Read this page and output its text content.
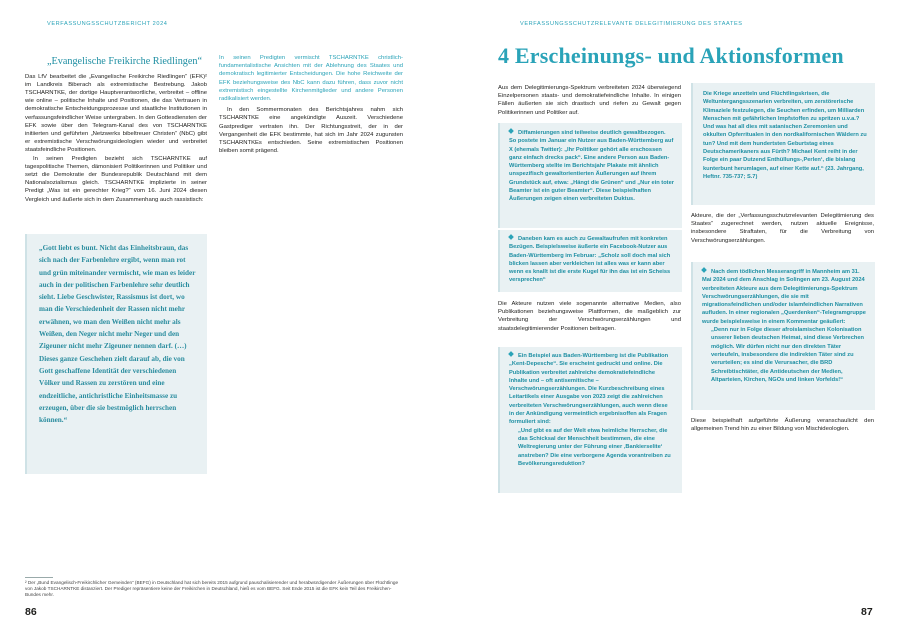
VERFASSUNGSSCHUTZBERICHT 2024
„Evangelische Freikirche Riedlingen“

Das LfV bearbeitet die „Evangelische Freikirche Riedlingen“ (EFK)² im Landkreis Biberach als extremistische Bestrebung. Jakob TSCHARNTKE, der dortige Hauptverantwortliche, verbreitet – offline wie online – politische Inhalte und Positionen, die das Vertrauen in demokratische Entscheidungsprozesse und staatliche Institutionen in verfassungsfeindlicher Weise untergraben. In den Gottesdiensten der EFK sowie über den Telegram-Kanal des von TSCHARNTKE initiierten und geführten „Netzwerks bibeltreuer Christen“ (NbC) gibt er extremistische Verschwörungsideologien wieder und verbreitet staatsfeindliche Positionen.

In seinen Predigten bezieht sich TSCHARNTKE auf tagespolitische Themen, dämonisiert Politikerinnen und Politiker und setzt die Demokratie der Bundesrepublik Deutschland mit dem Nationalsozialismus gleich. TSCHARNTKE implizierte in seiner Predigt „Was ist ein gerechter Krieg?“ vom 16. Juni 2024 diesen Vergleich und äußerte sich in dem Zusammenhang auch rassistisch:

In seinen Predigten vermischt TSCHARNTKE christlich-fundamentalistische Ansichten mit der Ablehnung des Staates und demokratisch legitimierter Entscheidungen. Die hohe Reichweite der EFK beziehungsweise des NbC kann dazu führen, dass zuvor nicht extremistisch eingestellte Kirchenmitglieder und andere Personen radikalisiert werden.

In den Sommermonaten des Berichtsjahres nahm sich TSCHARNTKE eine angekündigte Auszeit. Verschiedene Gastprediger vertraten ihn. Der Richtungsstreit, der in der Vergangenheit die EFK bestimmte, hat sich im Jahr 2024 zugunsten TSCHARNTKEs entschieden. Seine extremistischen Positionen bleiben somit prägend.

„Gott liebt es bunt. Nicht das Einheitsbraun, das sich nach der Farbenlehre ergibt, wenn man rot und grün miteinander vermischt, wie man es leider auch in der politischen Farbenlehre sehr deutlich sieht. Liebe Geschwister, Rassismus ist dort, wo man die Verschiedenheit der Rassen nicht mehr erwähnen, wo man den Weißen nicht mehr als Weißen, den Neger nicht mehr Neger und den Zigeuner nicht mehr Zigeuner nennen darf. (…) Dieses ganze Geschehen zielt darauf ab, die von Gott geschaffene Identität der verschiedenen Völker und Rassen zu zerstören und eine endzeitliche, antichristliche Einheitsmasse zu erzeugen, über die sie bestmöglich herrschen können.“

² Der „Bund Evangelisch-Freikirchlicher Gemeinden“ (BEFG) in Deutschland hat sich bereits 2015 aufgrund pauschalisierender und herabwürdigender Äußerungen über Flüchtlinge von Jakob TSCHARNTKE distanziert. Der Prediger repräsentiere keine der Freikirchen in Deutschland, hieß es vom BEFG. Seit Ende 2015 ist die EFK kein Teil des Freikirchen-Bundes mehr.
86
VERFASSUNGSSCHUTZRELEVANTE DELEGITIMIERUNG DES STAATES
4 Erscheinungs- und Aktionsformen

Aus dem Delegitimierungs-Spektrum verbreiteten 2024 überwiegend Einzelpersonen staats- und demokratiefeindliche Inhalte. In einigen Fällen äußerten sie sich drastisch und riefen zu Gewalt gegen Politikerinnen und Politiker auf.

Diffamierungen sind teilweise deutlich gewaltbezogen. So postete im Januar ein Nutzer aus Baden-Württemberg auf X (ehemals Twitter): „Ihr Politiker gehört alle erschossen ganz einfach drecks pack“. Eine andere Person aus Baden-Württemberg stellte im Berichtsjahr Plakate mit ähnlich unspezifisch gewaltorientierten Äußerungen auf ihrem Grundstück auf, etwa: „Hängt die Grünen“ und „Nur ein toter Beamter ist ein guter Beamter“. Diese beispielhaften Äußerungen zeigen einen verbreiteten Duktus.

Daneben kam es auch zu Gewaltaufrufen mit konkreten Bezügen. Beispielsweise äußerte ein Facebook-Nutzer aus Baden-Württemberg im Februar: „Scholz soll doch mal sich blicken lassen aber verkleichen ist alles was er kann aber wenn es knallt ist die erste Kugel für ihn das ist ein Scheiss versprechen“

Die Akteure nutzen viele sogenannte alternative Medien, also Publikationen beziehungsweise Plattformen, die maßgeblich zur Verbreitung der Verschwörungserzählungen und staatsdelegitimierender Positionen beitragen.

Ein Beispiel aus Baden-Württemberg ist die Publikation „Kent-Depesche“. Sie erscheint gedruckt und online. Die Publikation verbreitet zahlreiche demokratiefeindliche Inhalte und – oft antisemitische – Verschwörungserzählungen. Die Kurzbeschreibung eines Leitartikels einer Ausgabe von 2023 zeigt die zahlreichen verbreiteten Verschwörungserzählungen, auch wenn diese in der Ankündigung vermeintlich ergebnisoffen als Fragen formuliert sind:

„Und gibt es auf der Welt etwa heimliche Herrscher, die das Schicksal der Menschheit bestimmen, die eine Weltregierung unter der Führung einer ‚Bankierselite‘ anstreben? Die eine verborgene Agenda vorantreiben zu Bevölkerungsreduktion?

Die Kriege anzetteln und Flüchtlingskrisen, die Weltuntergangsszenarien verbreiten, um zerstörerische Klimaziele festzulegen, die Seuchen erfinden, um Milliarden Menschen mit gefährlichen Impfstoffen zu spritzen u.v.a.? Und was hat all dies mit satanischen Zeremonien und okkulten Opferritualen in den nordkalifornischen Wäldern zu tun? Und mit dem hundertsten Geburtstag eines Deutschamerikaners aus Fürth? Michael Kent reiht in der Folge ein paar Dutzend Enthüllungs-‚Perlen‘, die bislang kunterbunt herumlagen, auf einer Kette auf.“ (23. Jahrgang, Heftnr. 735-737; S.7)

Akteure, die der „Verfassungsschutzrelevanten Delegitimierung des Staates“ zugerechnet werden, nutzen aktuelle Ereignisse, insbesondere Straftaten, für die Verbreitung von Verschwörungserzählungen.

Nach dem tödlichen Messerangriff in Mannheim am 31. Mai 2024 und dem Anschlag in Solingen am 23. August 2024 verbreiteten Akteure aus dem Delegitimierungs-Spektrum Verschwörungserzählungen, die sie mit migrationsfeindlichen und/oder islamfeindlichen Narrativen aufluden. In einer regionalen „Querdenken“-Telegramgruppe wurde beispielsweise in einem Kommentar geäußert:

„Denn nur in Folge dieser afroislamischen Kolonisation unserer lieben deutschen Heimat, sind diese Verbrechen möglich. Wir dürfen nicht nur den direkten Täter verteufeln, insbesondere die indirekten Täter sind zu verurteilen; es sind die Verursacher, die BRD Schreibtischtäter, die Antideutschen der Medien, Altparteien, Kirchen, NGOs und linken Vorfelds!“

Diese beispielhaft aufgeführte Äußerung veranschaulicht den allgemeinen Trend hin zu einer Bildung von Mischideologien.

87
